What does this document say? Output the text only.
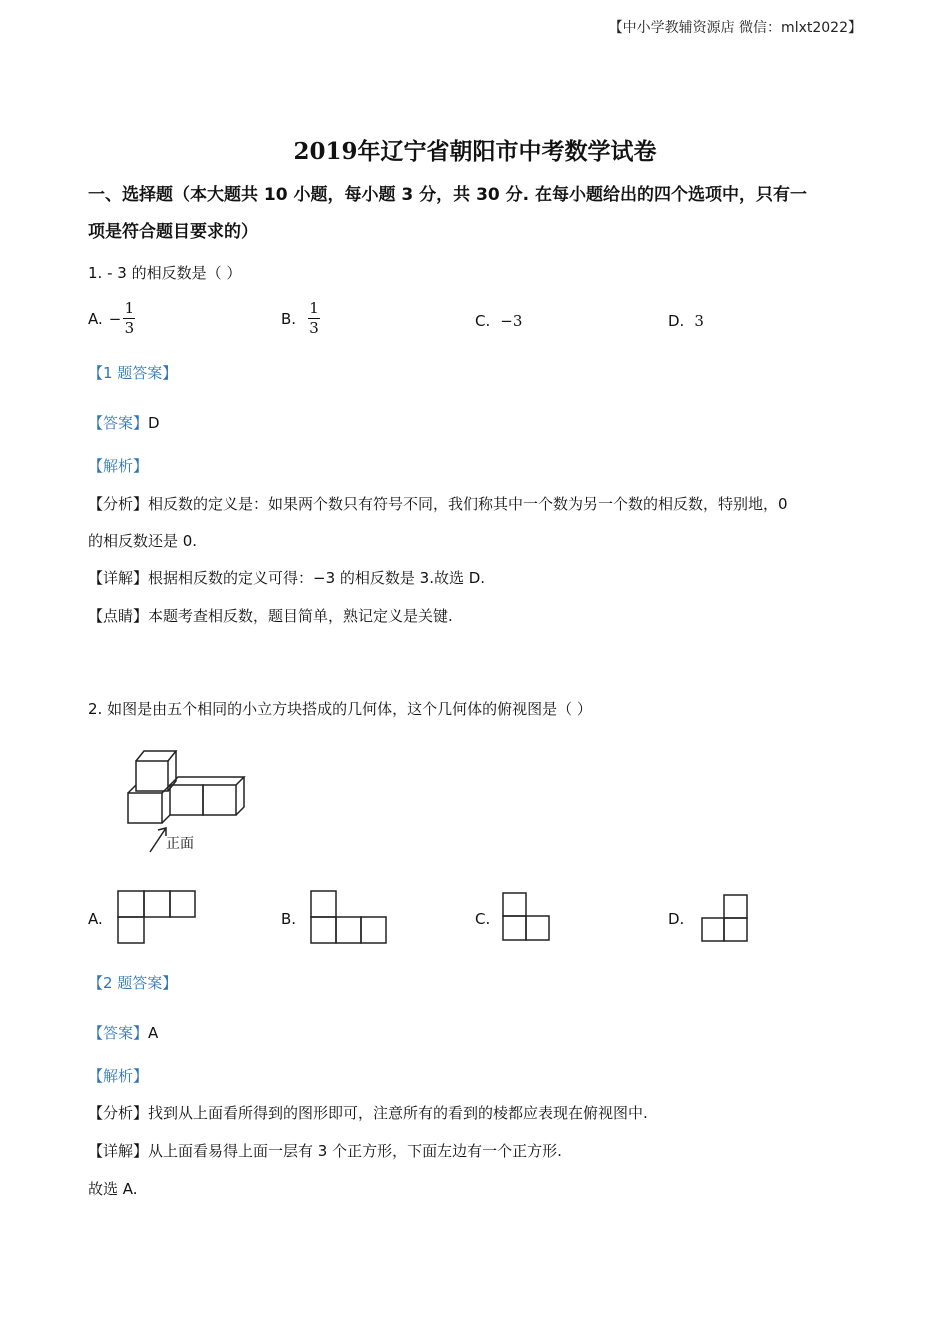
【中小学教辅资源店 微信：mlxt2022】
2019年辽宁省朝阳市中考数学试卷
一、选择题（本大题共 10 小题，每小题 3 分，共 30 分. 在每小题给出的四个选项中，只有一
项是符合题目要求的）
1. - 3 的相反数是（ ）
A. − $\frac{1}{3}$	B. $\frac{1}{3}$	C. −3	D. 3
【1 题答案】
【答案】D
【解析】
【分析】相反数的定义是：如果两个数只有符号不同，我们称其中一个数为另一个数的相反数，特别地，0
的相反数还是 0.
【详解】根据相反数的定义可得：−3 的相反数是 3.故选 D.
【点睛】本题考查相反数，题目简单，熟记定义是关键.
2. 如图是由五个相同的小立方块搭成的几何体，这个几何体的俯视图是（ ）
正面
A.	B.	C.	D.
【2 题答案】
【答案】A
【解析】
【分析】找到从上面看所得到的图形即可，注意所有的看到的棱都应表现在俯视图中.
【详解】从上面看易得上面一层有 3 个正方形，下面左边有一个正方形.
故选 A.
